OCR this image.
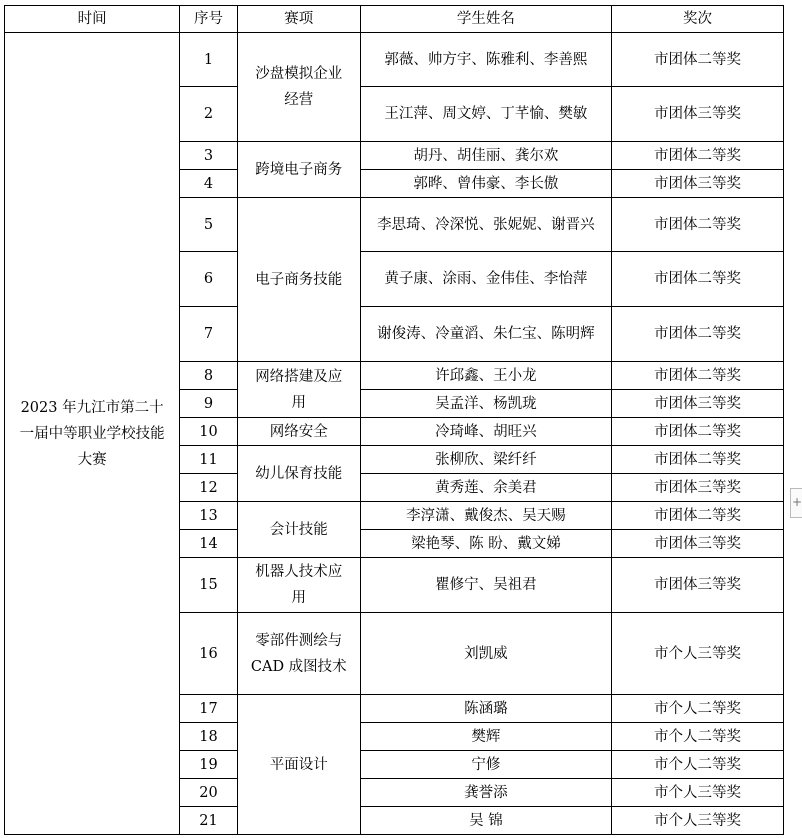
时间	序号	赛项	学生姓名	奖次

2023 年九江市第二十一届中等职业学校技能大赛	1	沙盘模拟企业经营	郭薇、帅方宇、陈雅利、李善熙	市团体二等奖
	2		王江萍、周文婷、丁芊愉、樊敏	市团体三等奖
	3	跨境电子商务	胡丹、胡佳丽、龚尔欢	市团体二等奖
	4		郭晔、曾伟豪、李长傲	市团体三等奖
	5	电子商务技能	李思琦、冷深悦、张妮妮、谢晋兴	市团体二等奖
	6		黄子康、涂雨、金伟佳、李怡萍	市团体二等奖
	7		谢俊涛、冷童滔、朱仁宝、陈明辉	市团体二等奖
	8	网络搭建及应用	许邱鑫、王小龙	市团体二等奖
	9		吴孟洋、杨凯珑	市团体三等奖
	10	网络安全	冷琦峰、胡旺兴	市团体二等奖
	11	幼儿保育技能	张柳欣、梁纤纤	市团体二等奖
	12		黄秀莲、余美君	市团体三等奖
	13	会计技能	李淳潇、戴俊杰、吴天赐	市团体二等奖
	14		梁艳琴、陈 盼、戴文娣	市团体三等奖
	15	机器人技术应用	瞿修宁、吴祖君	市团体三等奖
	16	零部件测绘与 CAD 成图技术	刘凯威	市个人三等奖
	17	平面设计	陈涵璐	市个人二等奖
	18		樊辉	市个人二等奖
	19		宁修	市个人二等奖
	20		龚誉添	市个人三等奖
	21		吴 锦	市个人三等奖
+
